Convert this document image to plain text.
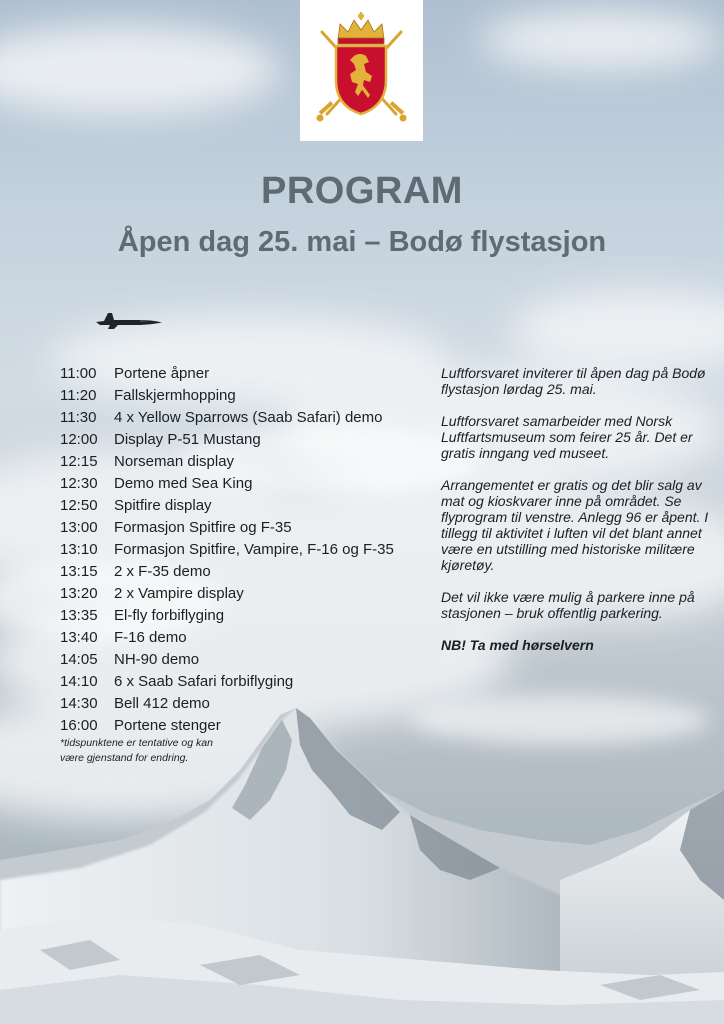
PROGRAM
Åpen dag 25. mai – Bodø flystasjon
11:00	Portene åpner
11:20	Fallskjermhopping
11:30	4 x Yellow Sparrows (Saab Safari) demo
12:00	Display P-51 Mustang
12:15	Norseman display
12:30	Demo med Sea King
12:50	Spitfire display
13:00	Formasjon Spitfire og F-35
13:10	Formasjon Spitfire, Vampire, F-16 og F-35
13:15	2 x F-35 demo
13:20	2 x Vampire display
13:35	El-fly forbiflyging
13:40	F-16 demo
14:05	NH-90 demo
14:10	6 x Saab Safari forbiflyging
14:30	Bell 412 demo
16:00	Portene stenger
*tidspunktene er tentative og kan være gjenstand for endring.

Luftforsvaret inviterer til åpen dag på Bodø flystasjon lørdag 25. mai.

Luftforsvaret samarbeider med Norsk Luftfartsmuseum som feirer 25 år. Det er gratis inngang ved museet.

Arrangementet er gratis og det blir salg av mat og kioskvarer inne på området. Se flyprogram til venstre. Anlegg 96 er åpent. I tillegg til aktivitet i luften vil det blant annet være en utstilling med historiske militære kjøretøy.

Det vil ikke være mulig å parkere inne på stasjonen – bruk offentlig parkering.

NB! Ta med hørselvern
